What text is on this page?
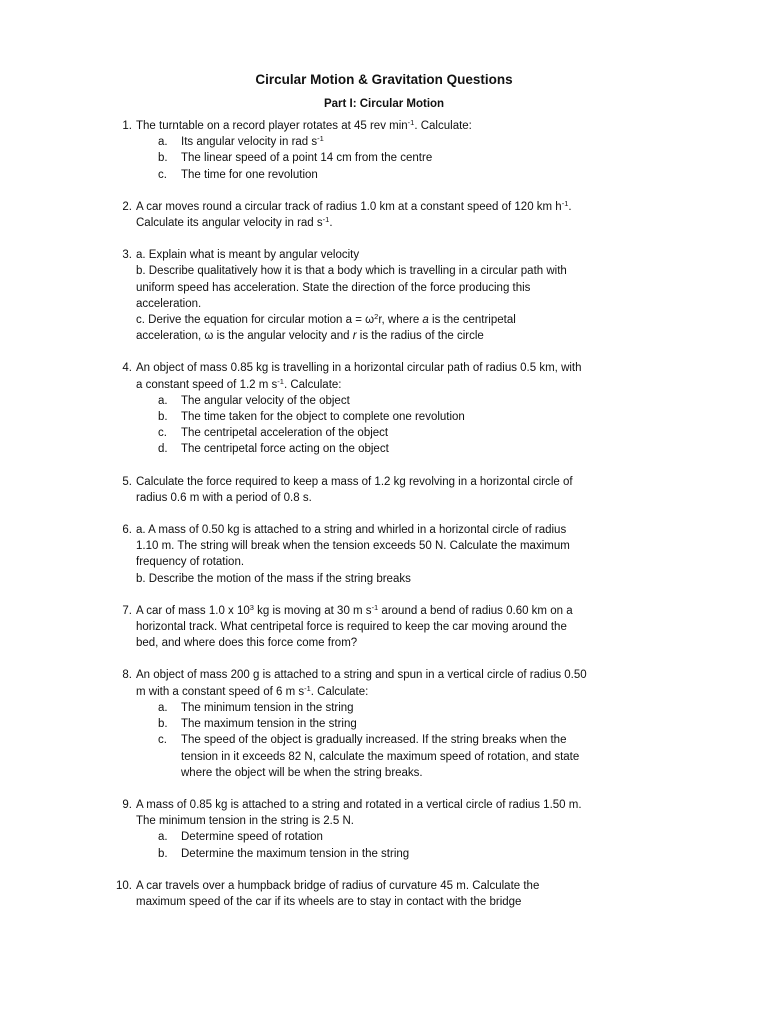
Circular Motion & Gravitation Questions
Part I: Circular Motion
1. The turntable on a record player rotates at 45 rev $\min^{-1}$. Calculate:
a. Its angular velocity in rad $s^{-1}$
b. The linear speed of a point 14 cm from the centre
c. The time for one revolution
2. A car moves round a circular track of radius 1.0 km at a constant speed of 120 km $h^{-1}$.
Calculate its angular velocity in rad $s^{-1}$.
3. a. Explain what is meant by angular velocity
b. Describe qualitatively how it is that a body which is travelling in a circular path with
uniform speed has acceleration. State the direction of the force producing this
acceleration.
c. Derive the equation for circular motion $a = \omega^2r$, where a is the centripetal
acceleration, ω is the angular velocity and r is the radius of the circle
4. An object of mass 0.85 kg is travelling in a horizontal circular path of radius 0.5 km, with
a constant speed of 1.2 m $s^{-1}$. Calculate:
a. The angular velocity of the object
b. The time taken for the object to complete one revolution
c. The centripetal acceleration of the object
d. The centripetal force acting on the object
5. Calculate the force required to keep a mass of 1.2 kg revolving in a horizontal circle of
radius 0.6 m with a period of 0.8 s.
6. a. A mass of 0.50 kg is attached to a string and whirled in a horizontal circle of radius
1.10 m. The string will break when the tension exceeds 50 N. Calculate the maximum
frequency of rotation.
b. Describe the motion of the mass if the string breaks
7. A car of mass 1.0 x $10^3$ kg is moving at 30 m $s^{-1}$ around a bend of radius 0.60 km on a
horizontal track. What centripetal force is required to keep the car moving around the
bed, and where does this force come from?
8. An object of mass 200 g is attached to a string and spun in a vertical circle of radius 0.50
m with a constant speed of 6 m $s^{-1}$. Calculate:
a. The minimum tension in the string
b. The maximum tension in the string
c. The speed of the object is gradually increased. If the string breaks when the
tension in it exceeds 82 N, calculate the maximum speed of rotation, and state
where the object will be when the string breaks.
9. A mass of 0.85 kg is attached to a string and rotated in a vertical circle of radius 1.50 m.
The minimum tension in the string is 2.5 N.
a. Determine speed of rotation
b. Determine the maximum tension in the string
10. A car travels over a humpback bridge of radius of curvature 45 m. Calculate the
maximum speed of the car if its wheels are to stay in contact with the bridge
